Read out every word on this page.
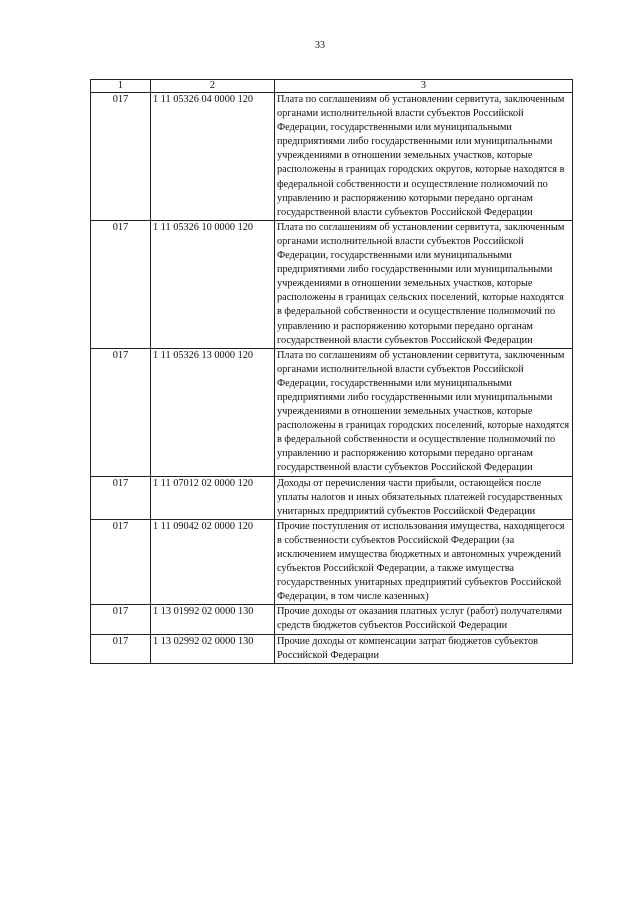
33
1	2	3
017	1 11 05326 04 0000 120	Плата по соглашениям об установлении сервитута, заключенным органами исполнительной власти субъектов Российской Федерации, государственными или муниципальными предприятиями либо государственными или муниципальными учреждениями в отношении земельных участков, которые расположены в границах городских округов, которые находятся в федеральной собственности и осуществление полномочий по управлению и распоряжению которыми передано органам государственной власти субъектов Российской Федерации
017	1 11 05326 10 0000 120	Плата по соглашениям об установлении сервитута, заключенным органами исполнительной власти субъектов Российской Федерации, государственными или муниципальными предприятиями либо государственными или муниципальными учреждениями в отношении земельных участков, которые расположены в границах сельских поселений, которые находятся в федеральной собственности и осуществление полномочий по управлению и распоряжению которыми передано органам государственной власти субъектов Российской Федерации
017	1 11 05326 13 0000 120	Плата по соглашениям об установлении сервитута, заключенным органами исполнительной власти субъектов Российской Федерации, государственными или муниципальными предприятиями либо государственными или муниципальными учреждениями в отношении земельных участков, которые расположены в границах городских поселений, которые находятся в федеральной собственности и осуществление полномочий по управлению и распоряжению которыми передано органам государственной власти субъектов Российской Федерации
017	1 11 07012 02 0000 120	Доходы от перечисления части прибыли, остающейся после уплаты налогов и иных обязательных платежей государственных унитарных предприятий субъектов Российской Федерации
017	1 11 09042 02 0000 120	Прочие поступления от использования имущества, находящегося в собственности субъектов Российской Федерации (за исключением имущества бюджетных и автономных учреждений субъектов Российской Федерации, а также имущества государственных унитарных предприятий субъектов Российской Федерации, в том числе казенных)
017	1 13 01992 02 0000 130	Прочие доходы от оказания платных услуг (работ) получателями средств бюджетов субъектов Российской Федерации
017	1 13 02992 02 0000 130	Прочие доходы от компенсации затрат бюджетов субъектов Российской Федерации
